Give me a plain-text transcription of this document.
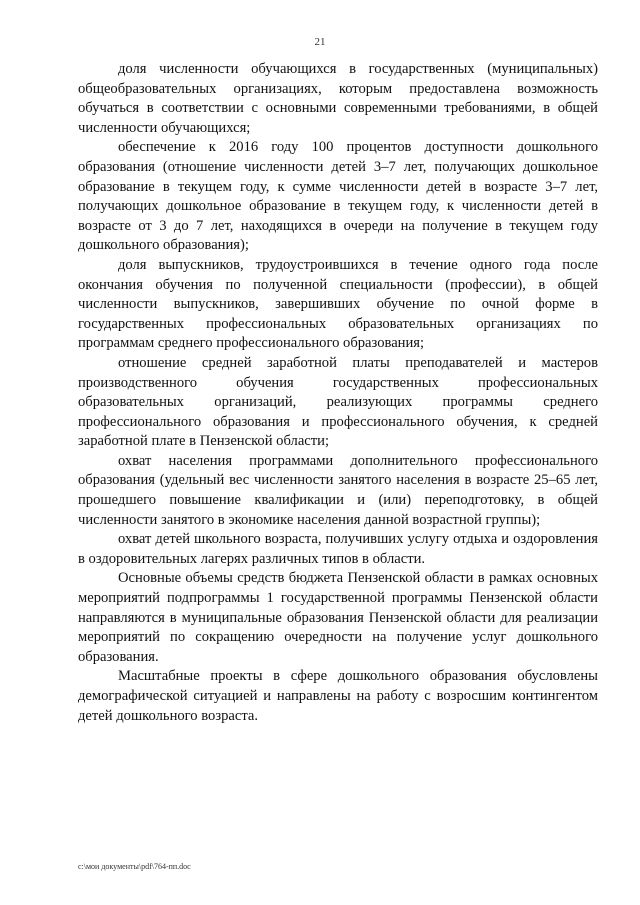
21

доля численности обучающихся в государственных (муниципальных) общеобразовательных организациях, которым предоставлена возможность обучаться в соответствии с основными современными требованиями, в общей численности обучающихся;

обеспечение к 2016 году 100 процентов доступности дошкольного образования (отношение численности детей 3–7 лет, получающих дошкольное образование в текущем году, к сумме численности детей в возрасте 3–7 лет, получающих дошкольное образование в текущем году, к численности детей в возрасте от 3 до 7 лет, находящихся в очереди на получение в текущем году дошкольного образования);

доля выпускников, трудоустроившихся в течение одного года после окончания обучения по полученной специальности (профессии), в общей численности выпускников, завершивших обучение по очной форме в государственных профессиональных образовательных организациях по программам среднего профессионального образования;

отношение средней заработной платы преподавателей и мастеров производственного обучения государственных профессиональных образовательных организаций, реализующих программы среднего профессионального образования и профессионального обучения, к средней заработной плате в Пензенской области;

охват населения программами дополнительного профессионального образования (удельный вес численности занятого населения в возрасте 25–65 лет, прошедшего повышение квалификации и (или) переподготовку, в общей численности занятого в экономике населения данной возрастной группы);

охват детей школьного возраста, получивших услугу отдыха и оздоровления в оздоровительных лагерях различных типов в области.

Основные объемы средств бюджета Пензенской области в рамках основных мероприятий подпрограммы 1 государственной программы Пензенской области направляются в муниципальные образования Пензенской области для реализации мероприятий по сокращению очередности на получение услуг дошкольного образования.

Масштабные проекты в сфере дошкольного образования обусловлены демографической ситуацией и направлены на работу с возросшим контингентом детей дошкольного возраста.

c:\мои документы\pdf\764-пп.doc
